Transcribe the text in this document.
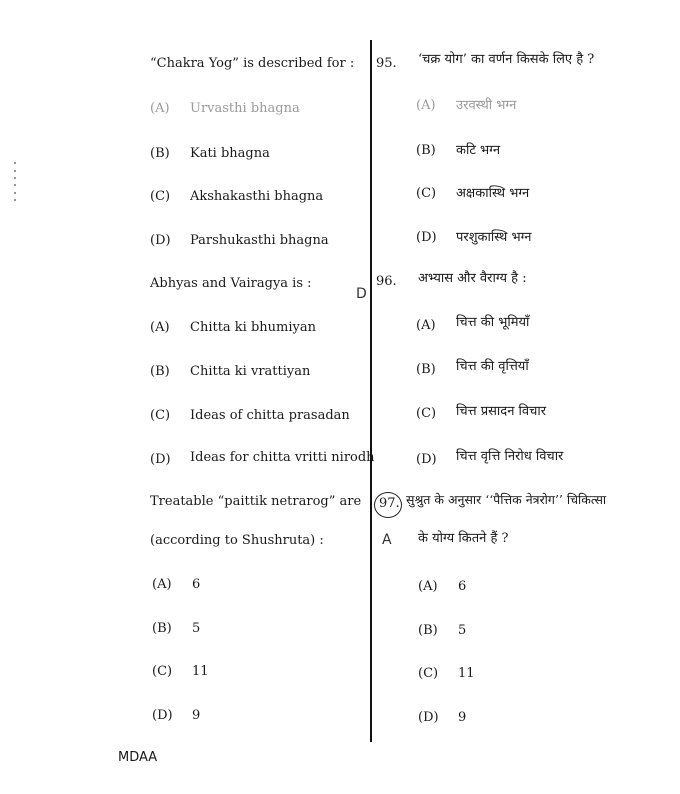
“Chakra Yog” is described for : 95. ‘चक्र योग’ का वर्णन किसके लिए है ?
(A) Urvasthi bhagna	(A) उरवस्थी भग्न
(B) Kati bhagna	(B) कटि भग्न
(C) Akshakasthi bhagna	(C) अक्षकास्थि भग्न
(D) Parshukasthi bhagna	(D) परशुकास्थि भग्न
Abhyas and Vairagya is :	96. अभ्यास और वैराग्य है :
D
(A) Chitta ki bhumiyan	(A) चित्त की भूमियाँ
(B) Chitta ki vrattiyan	(B) चित्त की वृत्तियाँ
(C) Ideas of chitta prasadan	(C) चित्त प्रसादन विचार
(D) Ideas for chitta vritti nirodh	(D) चित्त वृत्ति निरोध विचार
Treatable “paittik netrarog” are
(according to Shushruta) :
97. सुश्रुत के अनुसार ‘‘पैत्तिक नेत्ररोग’’ चिकित्सा
के योग्य कितने हैं ?
A
(A) 6	(A) 6
(B) 5	(B) 5
(C) 11	(C) 11
(D) 9	(D) 9
MDAA
